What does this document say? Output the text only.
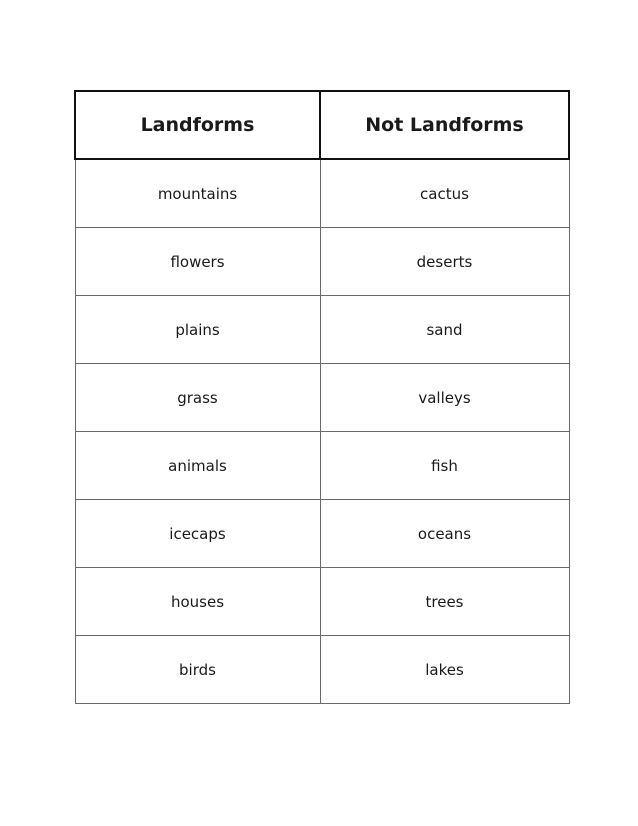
Landforms	Not Landforms
mountains	cactus
flowers	deserts
plains	sand
grass	valleys
animals	fish
icecaps	oceans
houses	trees
birds	lakes
